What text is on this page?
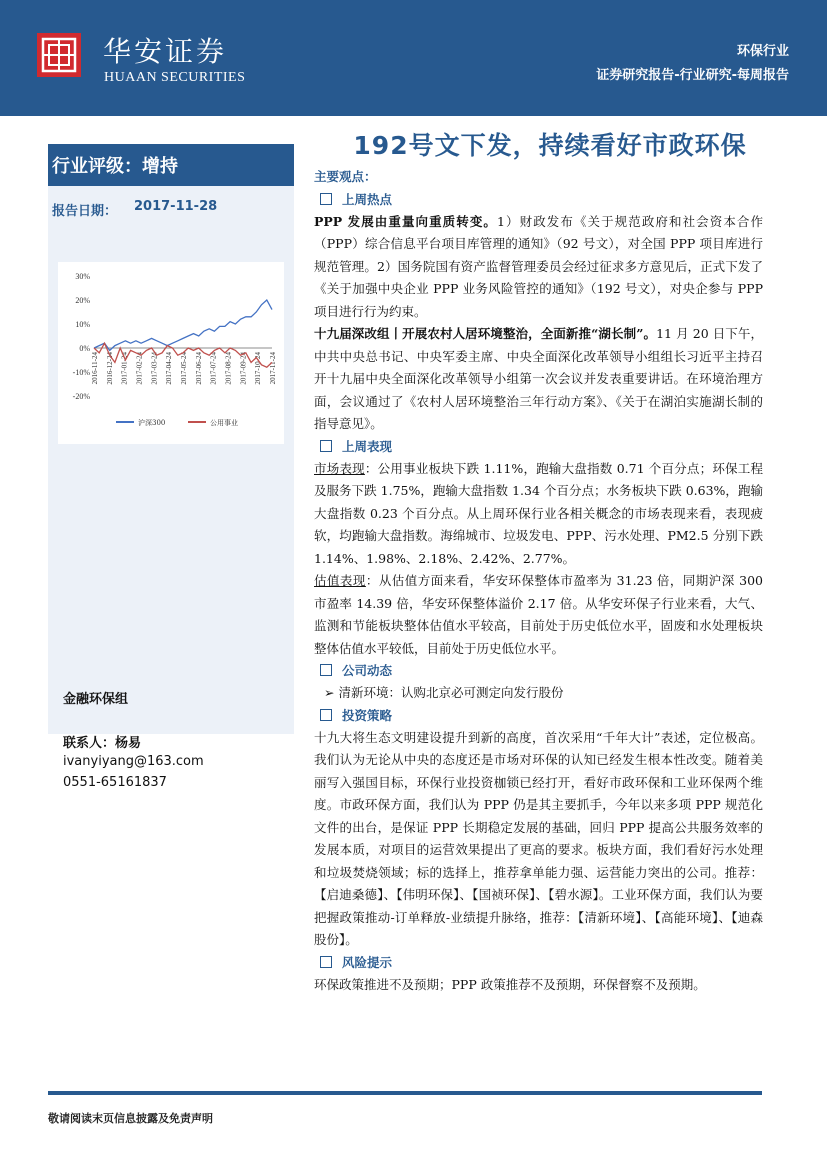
华安证券
HUAAN SECURITIES
环保行业
证券研究报告-行业研究-每周报告
192号文下发，持续看好市政环保
行业评级：增持
报告日期： 2017-11-28
30%
20%
10%
0%
-10%
-20%
2016-11-24 2016-12-24 2017-01-24 2017-02-24 2017-03-24 2017-04-24 2017-05-24 2017-06-24 2017-07-24 2017-08-24 2017-09-24 2017-10-24 2017-11-24
沪深300	公用事业
金融环保组
联系人：杨易
ivanyiyang@163.com
0551-65161837
主要观点：
上周热点
PPP 发展由重量向重质转变。1）财政发布《关于规范政府和社会资本合作（PPP）综合信息平台项目库管理的通知》（92 号文），对全国 PPP 项目库进行规范管理。2）国务院国有资产监督管理委员会经过征求多方意见后，正式下发了《关于加强中央企业 PPP 业务风险管控的通知》（192 号文），对央企参与 PPP 项目进行行为约束。
十九届深改组丨开展农村人居环境整治，全面新推“湖长制”。11 月 20 日下午，中共中央总书记、中央军委主席、中央全面深化改革领导小组组长习近平主持召开十九届中央全面深化改革领导小组第一次会议并发表重要讲话。在环境治理方面，会议通过了《农村人居环境整治三年行动方案》、《关于在湖泊实施湖长制的指导意见》。
上周表现
市场表现：公用事业板块下跌 1.11%，跑输大盘指数 0.71 个百分点；环保工程及服务下跌 1.75%，跑输大盘指数 1.34 个百分点；水务板块下跌 0.63%，跑输大盘指数 0.23 个百分点。从上周环保行业各相关概念的市场表现来看，表现疲软，均跑输大盘指数。海绵城市、垃圾发电、PPP、污水处理、PM2.5 分别下跌 1.14%、1.98%、2.18%、2.42%、2.77%。
估值表现：从估值方面来看，华安环保整体市盈率为 31.23 倍，同期沪深 300 市盈率 14.39 倍，华安环保整体溢价 2.17 倍。从华安环保子行业来看，大气、监测和节能板块整体估值水平较高，目前处于历史低位水平，固废和水处理板块整体估值水平较低，目前处于历史低位水平。
公司动态
➢ 清新环境：认购北京必可测定向发行股份
投资策略
十九大将生态文明建设提升到新的高度，首次采用“千年大计”表述，定位极高。我们认为无论从中央的态度还是市场对环保的认知已经发生根本性改变。随着美丽写入强国目标，环保行业投资枷锁已经打开，看好市政环保和工业环保两个维度。市政环保方面，我们认为 PPP 仍是其主要抓手，今年以来多项 PPP 规范化文件的出台，是保证 PPP 长期稳定发展的基础，回归 PPP 提高公共服务效率的发展本质，对项目的运营效果提出了更高的要求。板块方面，我们看好污水处理和垃圾焚烧领域；标的选择上，推荐拿单能力强、运营能力突出的公司。推荐：【启迪桑德】、【伟明环保】、【国祯环保】、【碧水源】。工业环保方面，我们认为要把握政策推动-订单释放-业绩提升脉络，推荐：【清新环境】、【高能环境】、【迪森股份】。
风险提示
环保政策推进不及预期；PPP 政策推荐不及预期，环保督察不及预期。
敬请阅读末页信息披露及免责声明
